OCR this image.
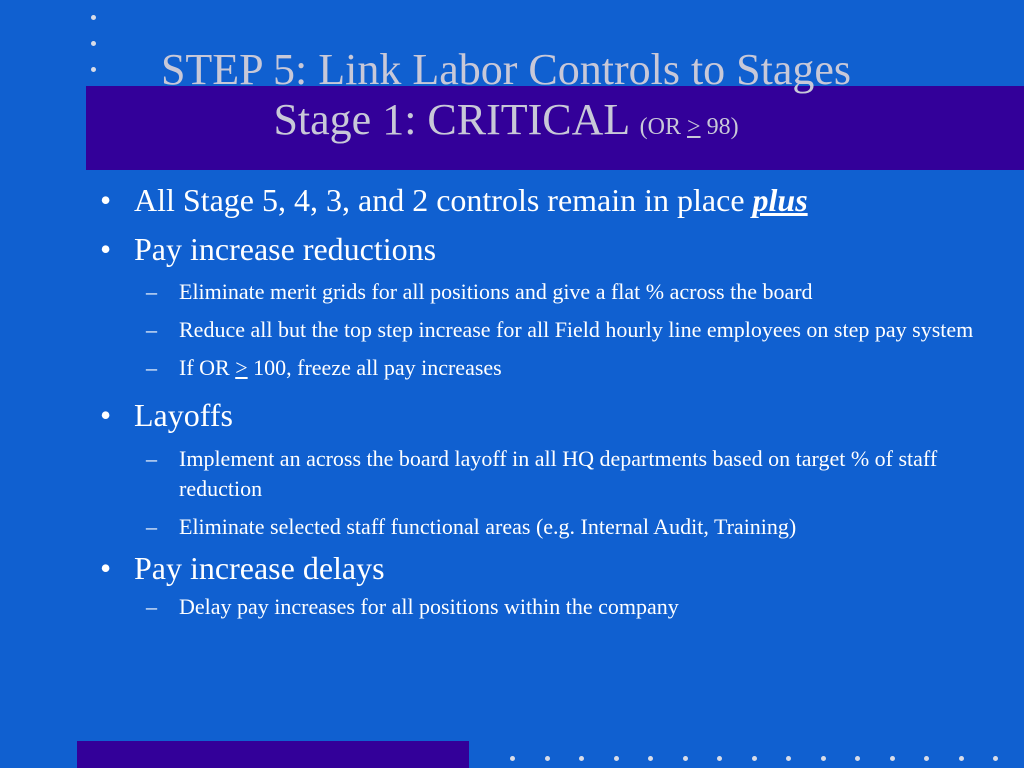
STEP 5: Link Labor Controls to Stages
Stage 1: CRITICAL (OR > 98)
• All Stage 5, 4, 3, and 2 controls remain in place plus
• Pay increase reductions
– Eliminate merit grids for all positions and give a flat % across the board
– Reduce all but the top step increase for all Field hourly line employees on step pay system
– If OR > 100, freeze all pay increases
• Layoffs
– Implement an across the board layoff in all HQ departments based on target % of staff reduction
– Eliminate selected staff functional areas (e.g. Internal Audit, Training)
• Pay increase delays
– Delay pay increases for all positions within the company
